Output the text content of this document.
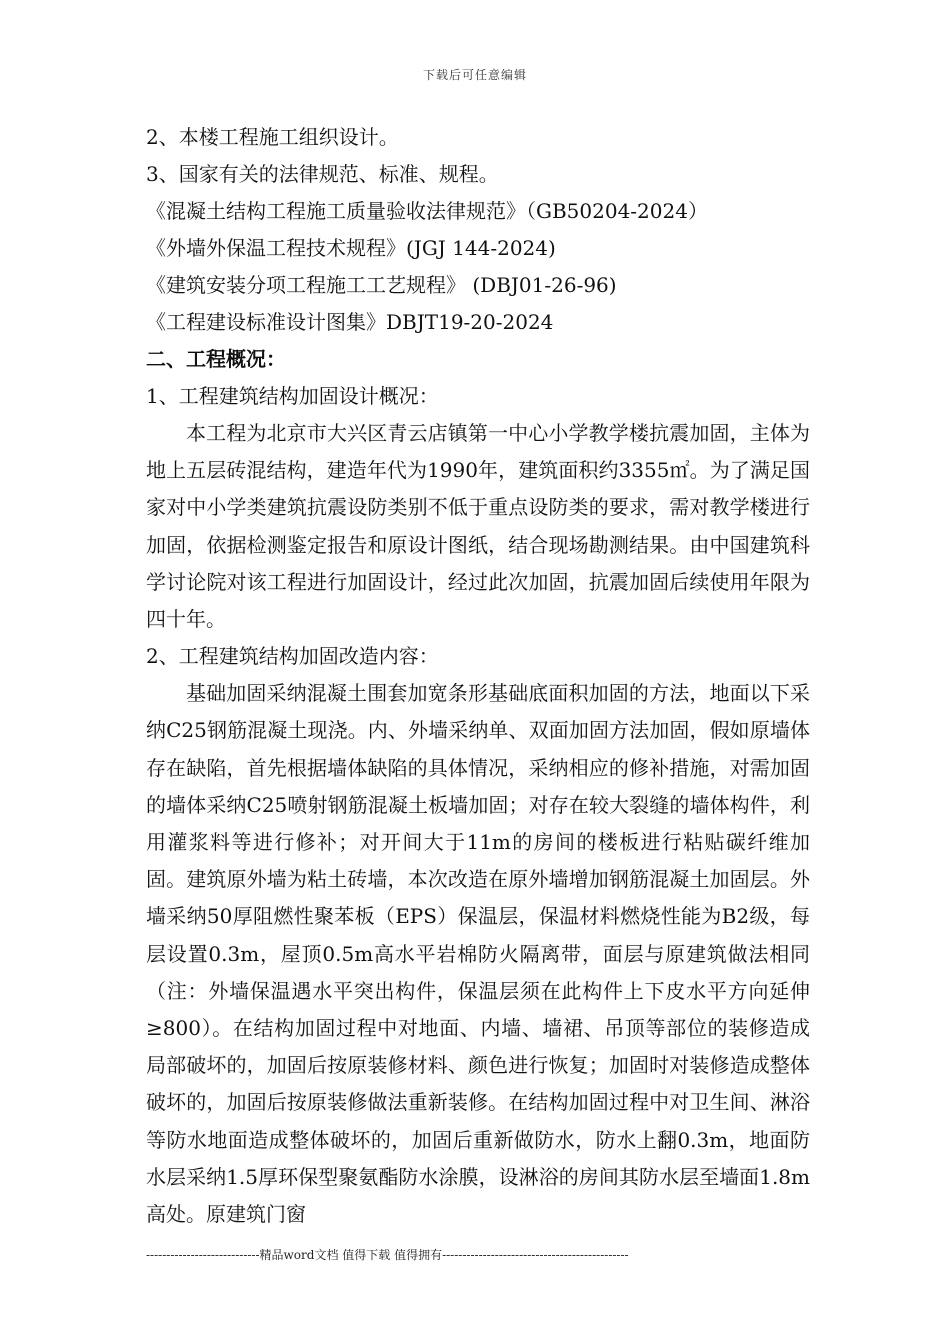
下载后可任意编辑
2、本楼工程施工组织设计。
3、国家有关的法律规范、标准、规程。
《混凝土结构工程施工质量验收法律规范》（GB50204-2024）
《外墙外保温工程技术规程》(JGJ 144-2024)
《建筑安装分项工程施工工艺规程》 (DBJ01-26-96)
《工程建设标准设计图集》DBJT19-20-2024
二、工程概况：
1、工程建筑结构加固设计概况：

本工程为北京市大兴区青云店镇第一中心小学教学楼抗震加固，主体为地上五层砖混结构，建造年代为1990年，建筑面积约3355㎡。为了满足国家对中小学类建筑抗震设防类别不低于重点设防类的要求，需对教学楼进行加固，依据检测鉴定报告和原设计图纸，结合现场勘测结果。由中国建筑科学讨论院对该工程进行加固设计，经过此次加固，抗震加固后续使用年限为四十年。

2、工程建筑结构加固改造内容：

基础加固采纳混凝土围套加宽条形基础底面积加固的方法，地面以下采纳C25钢筋混凝土现浇。内、外墙采纳单、双面加固方法加固，假如原墙体存在缺陷，首先根据墙体缺陷的具体情况，采纳相应的修补措施，对需加固的墙体采纳C25喷射钢筋混凝土板墙加固；对存在较大裂缝的墙体构件，利用灌浆料等进行修补；对开间大于11m的房间的楼板进行粘贴碳纤维加固。建筑原外墙为粘土砖墙，本次改造在原外墙增加钢筋混凝土加固层。外墙采纳50厚阻燃性聚苯板（EPS）保温层，保温材料燃烧性能为B2级，每层设置0.3m，屋顶0.5m高水平岩棉防火隔离带，面层与原建筑做法相同（注：外墙保温遇水平突出构件，保温层须在此构件上下皮水平方向延伸≥800）。在结构加固过程中对地面、内墙、墙裙、吊顶等部位的装修造成局部破坏的，加固后按原装修材料、颜色进行恢复；加固时对装修造成整体破坏的，加固后按原装修做法重新装修。在结构加固过程中对卫生间、淋浴等防水地面造成整体破坏的，加固后重新做防水，防水上翻0.3m，地面防水层采纳1.5厚环保型聚氨酯防水涂膜，设淋浴的房间其防水层至墙面1.8m高处。原建筑门窗

----------------------------精品word文档 值得下载 值得拥有----------------------------------------------
